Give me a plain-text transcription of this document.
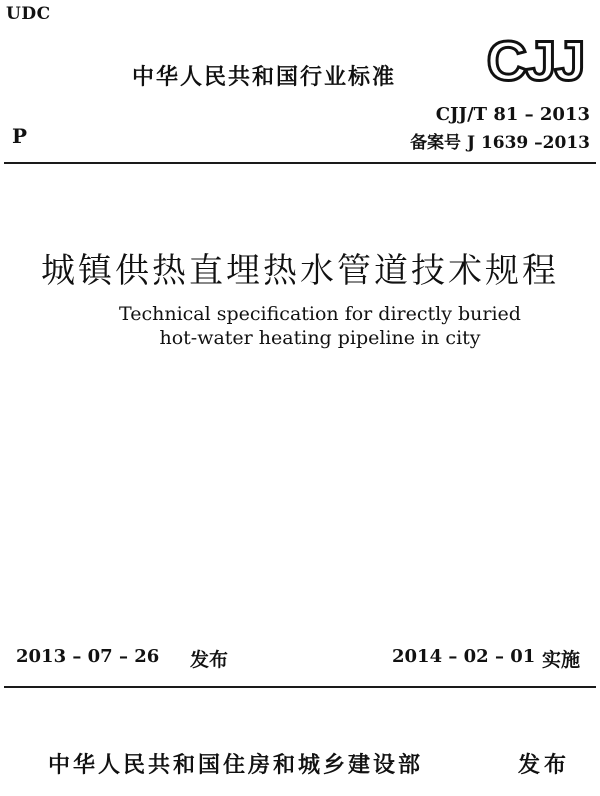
UDC
中华人民共和国行业标准 CJJ
P
CJJ/T 81 – 2013
备案号 J 1639 –2013
城镇供热直埋热水管道技术规程
Technical specification for directly buried
hot-water heating pipeline in city
2013 – 07 – 26 发布	2014 – 02 – 01 实施
中华人民共和国住房和城乡建设部	发布
